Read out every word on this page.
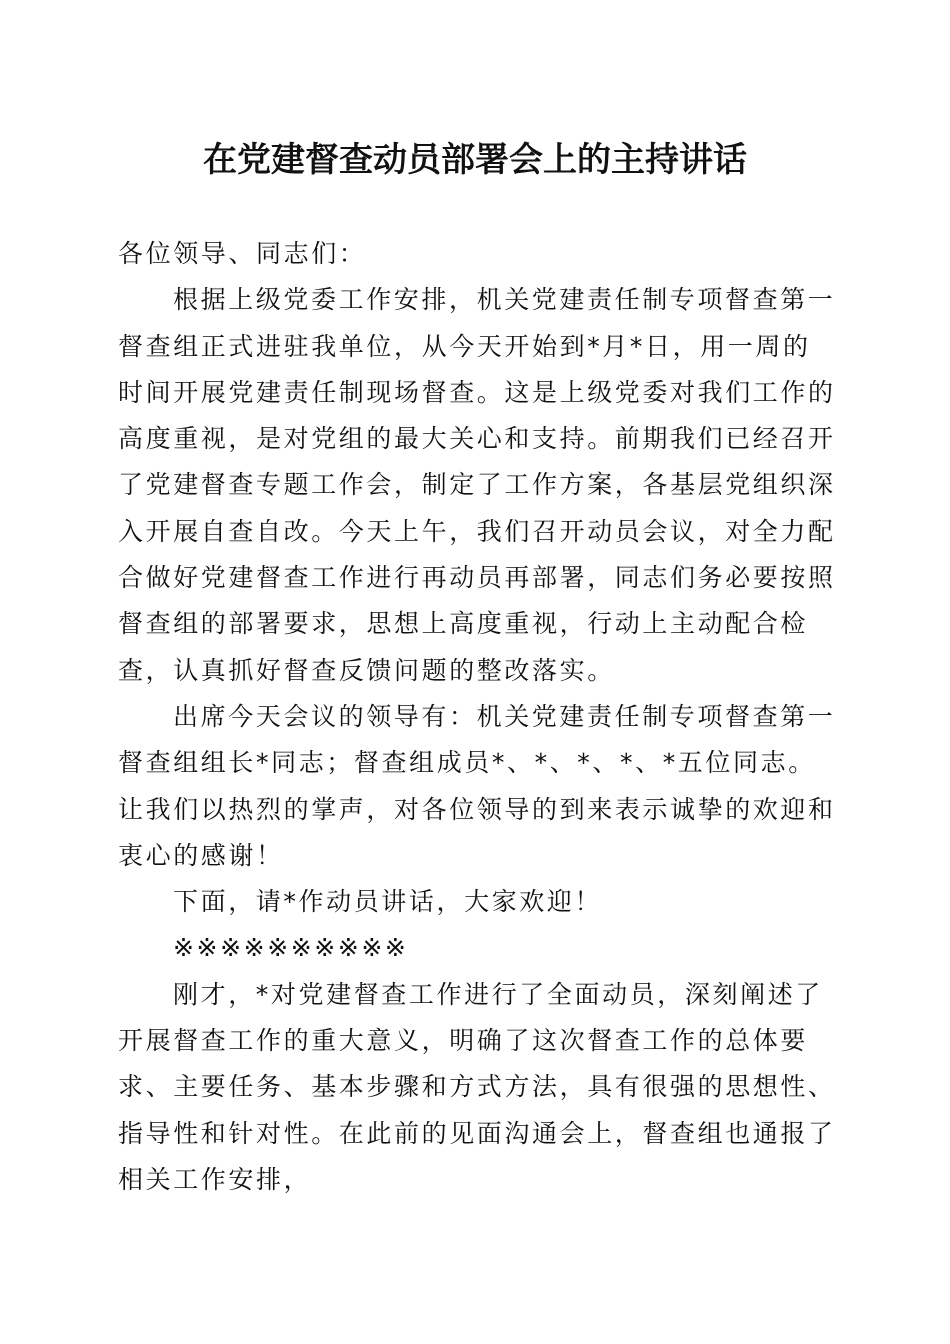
在党建督查动员部署会上的主持讲话

各位领导、同志们：

根据上级党委工作安排，机关党建责任制专项督查第一督查组正式进驻我单位，从今天开始到*月*日，用一周的时间开展党建责任制现场督查。这是上级党委对我们工作的高度重视，是对党组的最大关心和支持。前期我们已经召开了党建督查专题工作会，制定了工作方案，各基层党组织深入开展自查自改。今天上午，我们召开动员会议，对全力配合做好党建督查工作进行再动员再部署，同志们务必要按照督查组的部署要求，思想上高度重视，行动上主动配合检查，认真抓好督查反馈问题的整改落实。

出席今天会议的领导有：机关党建责任制专项督查第一督查组组长*同志；督查组成员*、*、*、*、*五位同志。让我们以热烈的掌声，对各位领导的到来表示诚挚的欢迎和衷心的感谢！

下面，请*作动员讲话，大家欢迎！

※※※※※※※※※※

刚才，*对党建督查工作进行了全面动员，深刻阐述了开展督查工作的重大意义，明确了这次督查工作的总体要求、主要任务、基本步骤和方式方法，具有很强的思想性、指导性和针对性。在此前的见面沟通会上，督查组也通报了相关工作安排，
